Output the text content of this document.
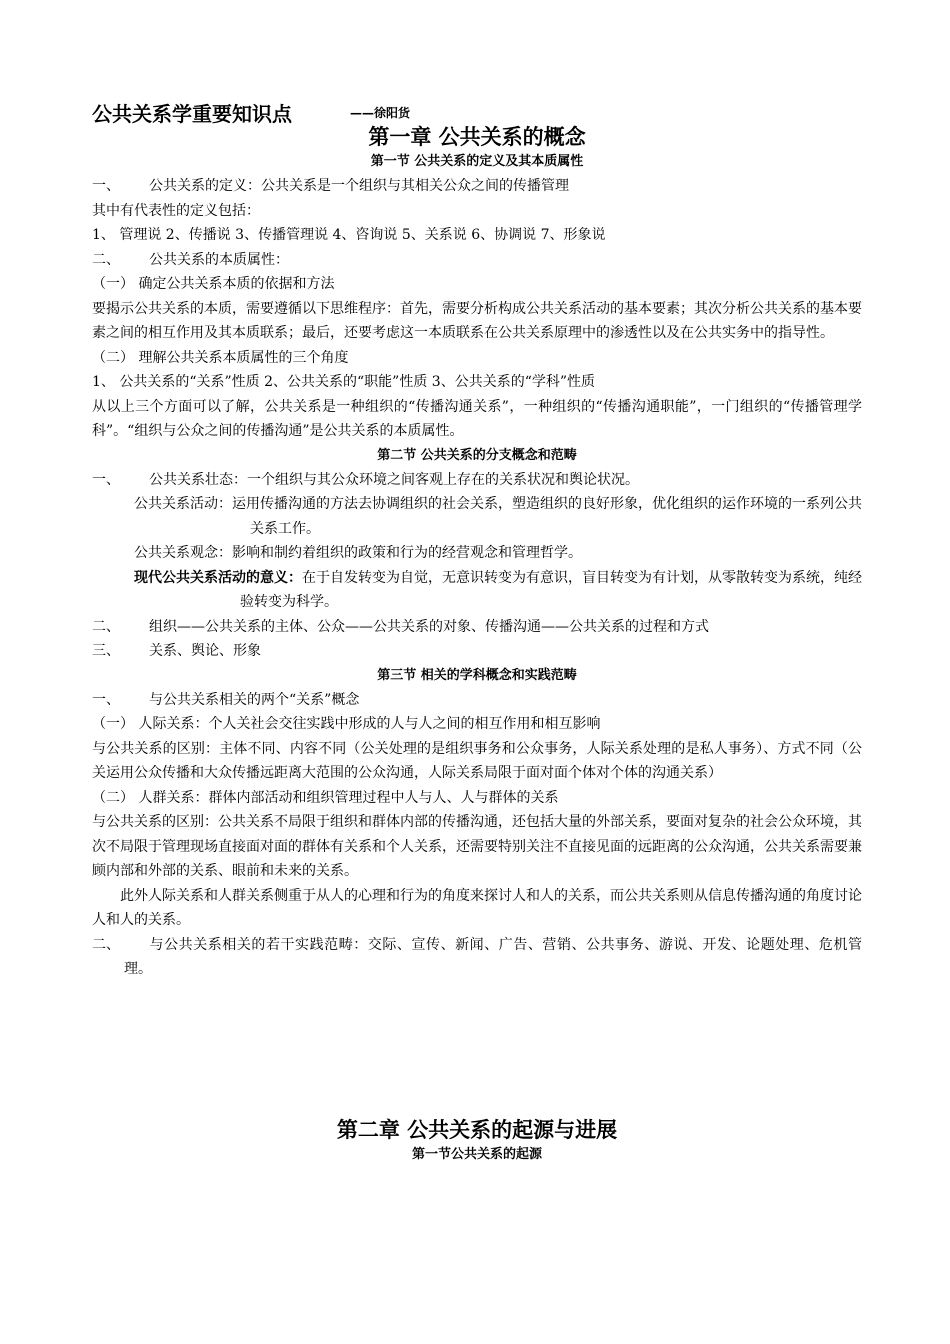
公共关系学重要知识点	——徐阳货
第一章 公共关系的概念
第一节 公共关系的定义及其本质属性
一、 公共关系的定义：公共关系是一个组织与其相关公众之间的传播管理
其中有代表性的定义包括：
1、 管理说 2、传播说 3、传播管理说 4、咨询说 5、关系说 6、协调说 7、形象说
二、 公共关系的本质属性：
（一） 确定公共关系本质的依据和方法
要揭示公共关系的本质，需要遵循以下思维程序：首先，需要分析构成公共关系活动的基本要素；其次分析公共关系的基本要素之间的相互作用及其本质联系；最后，还要考虑这一本质联系在公共关系原理中的渗透性以及在公共实务中的指导性。
（二） 理解公共关系本质属性的三个角度
1、 公共关系的“关系”性质 2、公共关系的“职能”性质 3、公共关系的“学科”性质
从以上三个方面可以了解，公共关系是一种组织的“传播沟通关系”，一种组织的“传播沟通职能”，一门组织的“传播管理学科”。“组织与公众之间的传播沟通”是公共关系的本质属性。
第二节 公共关系的分支概念和范畴
一、 公共关系壮态：一个组织与其公众环境之间客观上存在的关系状况和舆论状况。
公共关系活动：运用传播沟通的方法去协调组织的社会关系，塑造组织的良好形象，优化组织的运作环境的一系列公共关系工作。
公共关系观念：影响和制约着组织的政策和行为的经营观念和管理哲学。
现代公共关系活动的意义：在于自发转变为自觉，无意识转变为有意识，盲目转变为有计划，从零散转变为系统，纯经验转变为科学。
二、 组织——公共关系的主体、公众——公共关系的对象、传播沟通——公共关系的过程和方式
三、 关系、舆论、形象
第三节 相关的学科概念和实践范畴
一、 与公共关系相关的两个“关系”概念
（一） 人际关系：个人关社会交往实践中形成的人与人之间的相互作用和相互影响
与公共关系的区别：主体不同、内容不同（公关处理的是组织事务和公众事务，人际关系处理的是私人事务）、方式不同（公关运用公众传播和大众传播远距离大范围的公众沟通，人际关系局限于面对面个体对个体的沟通关系）
（二） 人群关系：群体内部活动和组织管理过程中人与人、人与群体的关系
与公共关系的区别：公共关系不局限于组织和群体内部的传播沟通，还包括大量的外部关系，要面对复杂的社会公众环境，其次不局限于管理现场直接面对面的群体有关系和个人关系，还需要特别关注不直接见面的远距离的公众沟通，公共关系需要兼顾内部和外部的关系、眼前和未来的关系。
此外人际关系和人群关系侧重于从人的心理和行为的角度来探讨人和人的关系，而公共关系则从信息传播沟通的角度讨论人和人的关系。
二、 与公共关系相关的若干实践范畴：交际、宣传、新闻、广告、营销、公共事务、游说、开发、论题处理、危机管理。
第二章 公共关系的起源与进展
第一节公共关系的起源
